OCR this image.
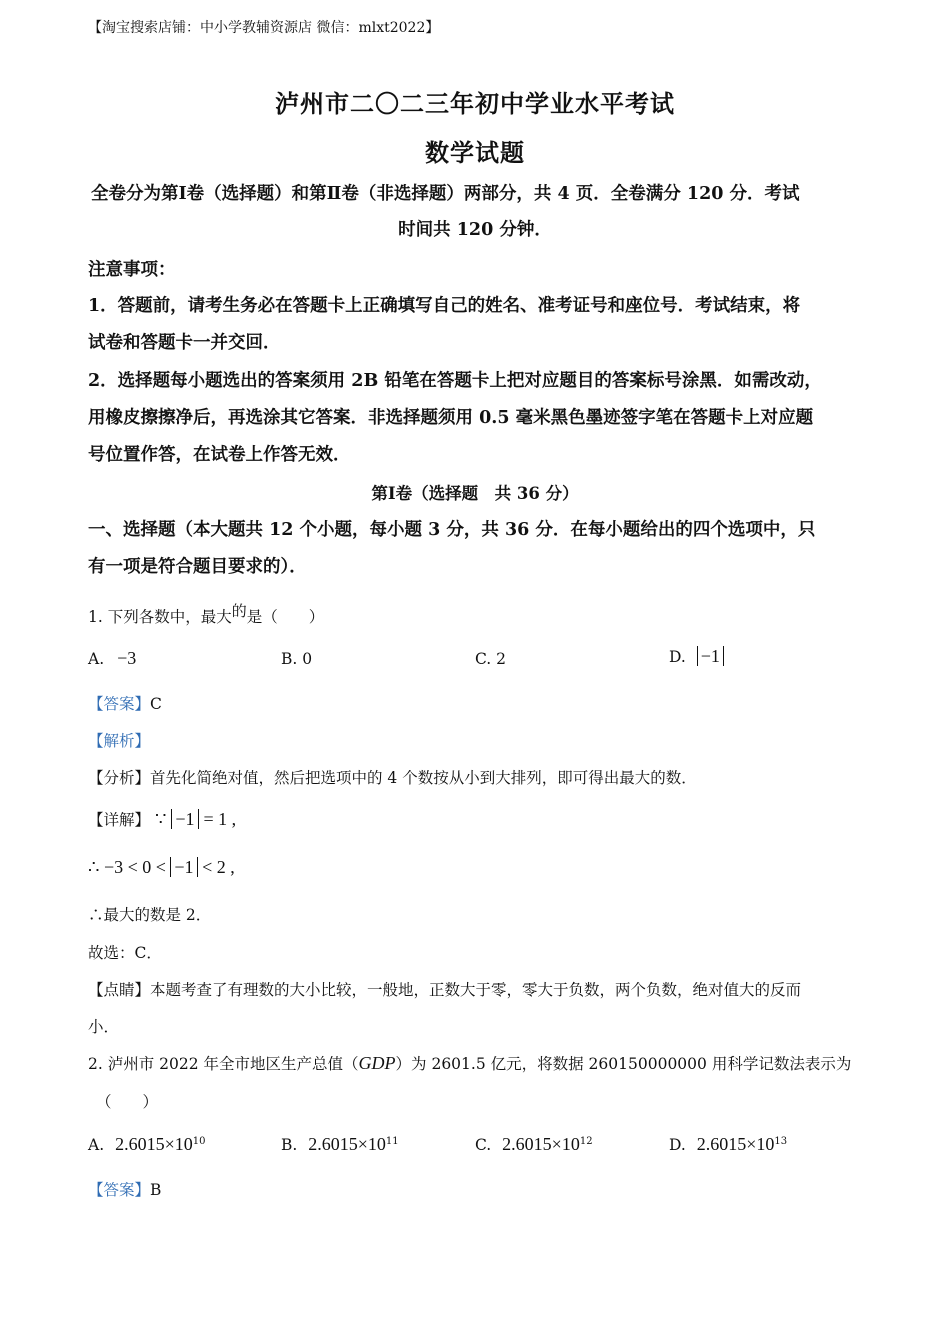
【淘宝搜索店铺：中小学教辅资源店 微信：mlxt2022】
泸州市二〇二三年初中学业水平考试
数学试题
全卷分为第Ⅰ卷（选择题）和第Ⅱ卷（非选择题）两部分，共 4 页．全卷满分 120 分．考试
时间共 120 分钟．
注意事项：
1．答题前，请考生务必在答题卡上正确填写自己的姓名、准考证号和座位号．考试结束，将
试卷和答题卡一并交回．
2．选择题每小题选出的答案须用 2B 铅笔在答题卡上把对应题目的答案标号涂黑．如需改动，
用橡皮擦擦净后，再选涂其它答案．非选择题须用 0.5 毫米黑色墨迹签字笔在答题卡上对应题
号位置作答，在试卷上作答无效．
第Ⅰ卷（选择题　共 36 分）
一、选择题（本大题共 12 个小题，每小题 3 分，共 36 分．在每小题给出的四个选项中，只
有一项是符合题目要求的）．
1. 下列各数中，最大$^的$是（　　）
A. −3	B. 0	C. 2	D. −1
【答案】C
【解析】
【分析】首先化简绝对值，然后把选项中的 4 个数按从小到大排列，即可得出最大的数．
【详解】 ∵ −1 = 1 ,
∴ −3 < 0 < −1 < 2 ,
∴最大的数是 2．
故选：C．
【点睛】本题考查了有理数的大小比较，一般地，正数大于零，零大于负数，两个负数，绝对值大的反而
小．
2. 泸州市 2022 年全市地区生产总值（GDP）为 2601.5 亿元，将数据 260150000000 用科学记数法表示为
（　　）
A. $2.6015\times 10^{10}$	B. $2.6015\times 10^{11}$	C. $2.6015\times 10^{12}$	D. $2.6015\times 10^{13}$
【答案】B
